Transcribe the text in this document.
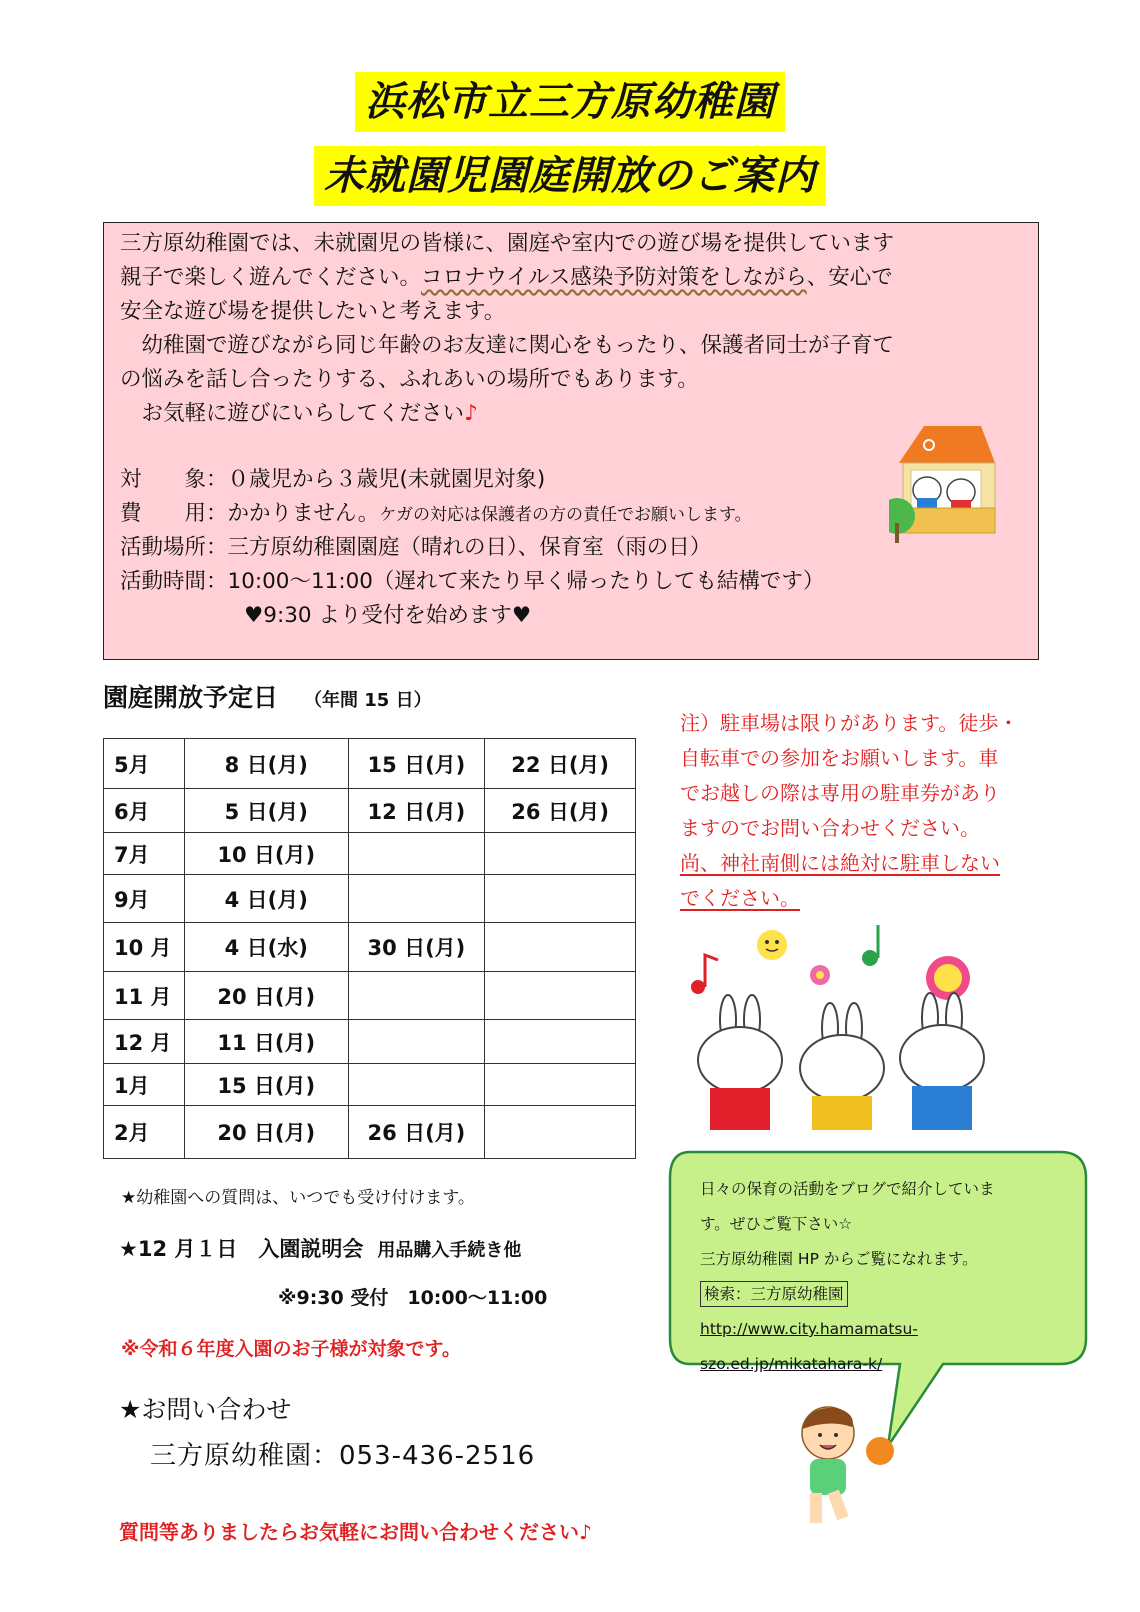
浜松市立三方原幼稚園
未就園児園庭開放のご案内

三方原幼稚園では、未就園児の皆様に、園庭や室内での遊び場を提供しています

親子で楽しく遊んでください。コロナウイルス感染予防対策をしながら、安心で

安全な遊び場を提供したいと考えます。

　幼稚園で遊びながら同じ年齢のお友達に関心をもったり、保護者同士が子育て

の悩みを話し合ったりする、ふれあいの場所でもあります。

　お気軽に遊びにいらしてください♪

対　　象：０歳児から３歳児(未就園児対象)

費　　用：かかりません。ケガの対応は保護者の方の責任でお願いします。

活動場所：三方原幼稚園園庭（晴れの日）、保育室（雨の日）

活動時間：10:00～11:00（遅れて来たり早く帰ったりしても結構です）

♥9:30 より受付を始めます♥

園庭開放予定日 （年間 15 日）
5月	8 日(月)	15 日(月)	22 日(月)
6月	5 日(月)	12 日(月)	26 日(月)
7月	10 日(月)		
9月	4 日(月)		
10 月	4 日(水)	30 日(月)	
11 月	20 日(月)		
12 月	11 日(月)		
1月	15 日(月)		
2月	20 日(月)	26 日(月)	
注）駐車場は限りがあります。徒歩・
自転車での参加をお願いします。車
でお越しの際は専用の駐車券があり
ますのでお問い合わせください。
尚、神社南側には絶対に駐車しない
でください。
★幼稚園への質問は、いつでも受け付けます。
★12 月１日　入園説明会 用品購入手続き他
※9:30 受付　10:00～11:00
※令和６年度入園のお子様が対象です。
★お問い合わせ
三方原幼稚園：053-436-2516
質問等ありましたらお気軽にお問い合わせください♪
日々の保育の活動をブログで紹介していま
す。ぜひご覧下さい☆
三方原幼稚園 HP からご覧になれます。
検索：三方原幼稚園
http://www.city.hamamatsu-
szo.ed.jp/mikatahara-k/
